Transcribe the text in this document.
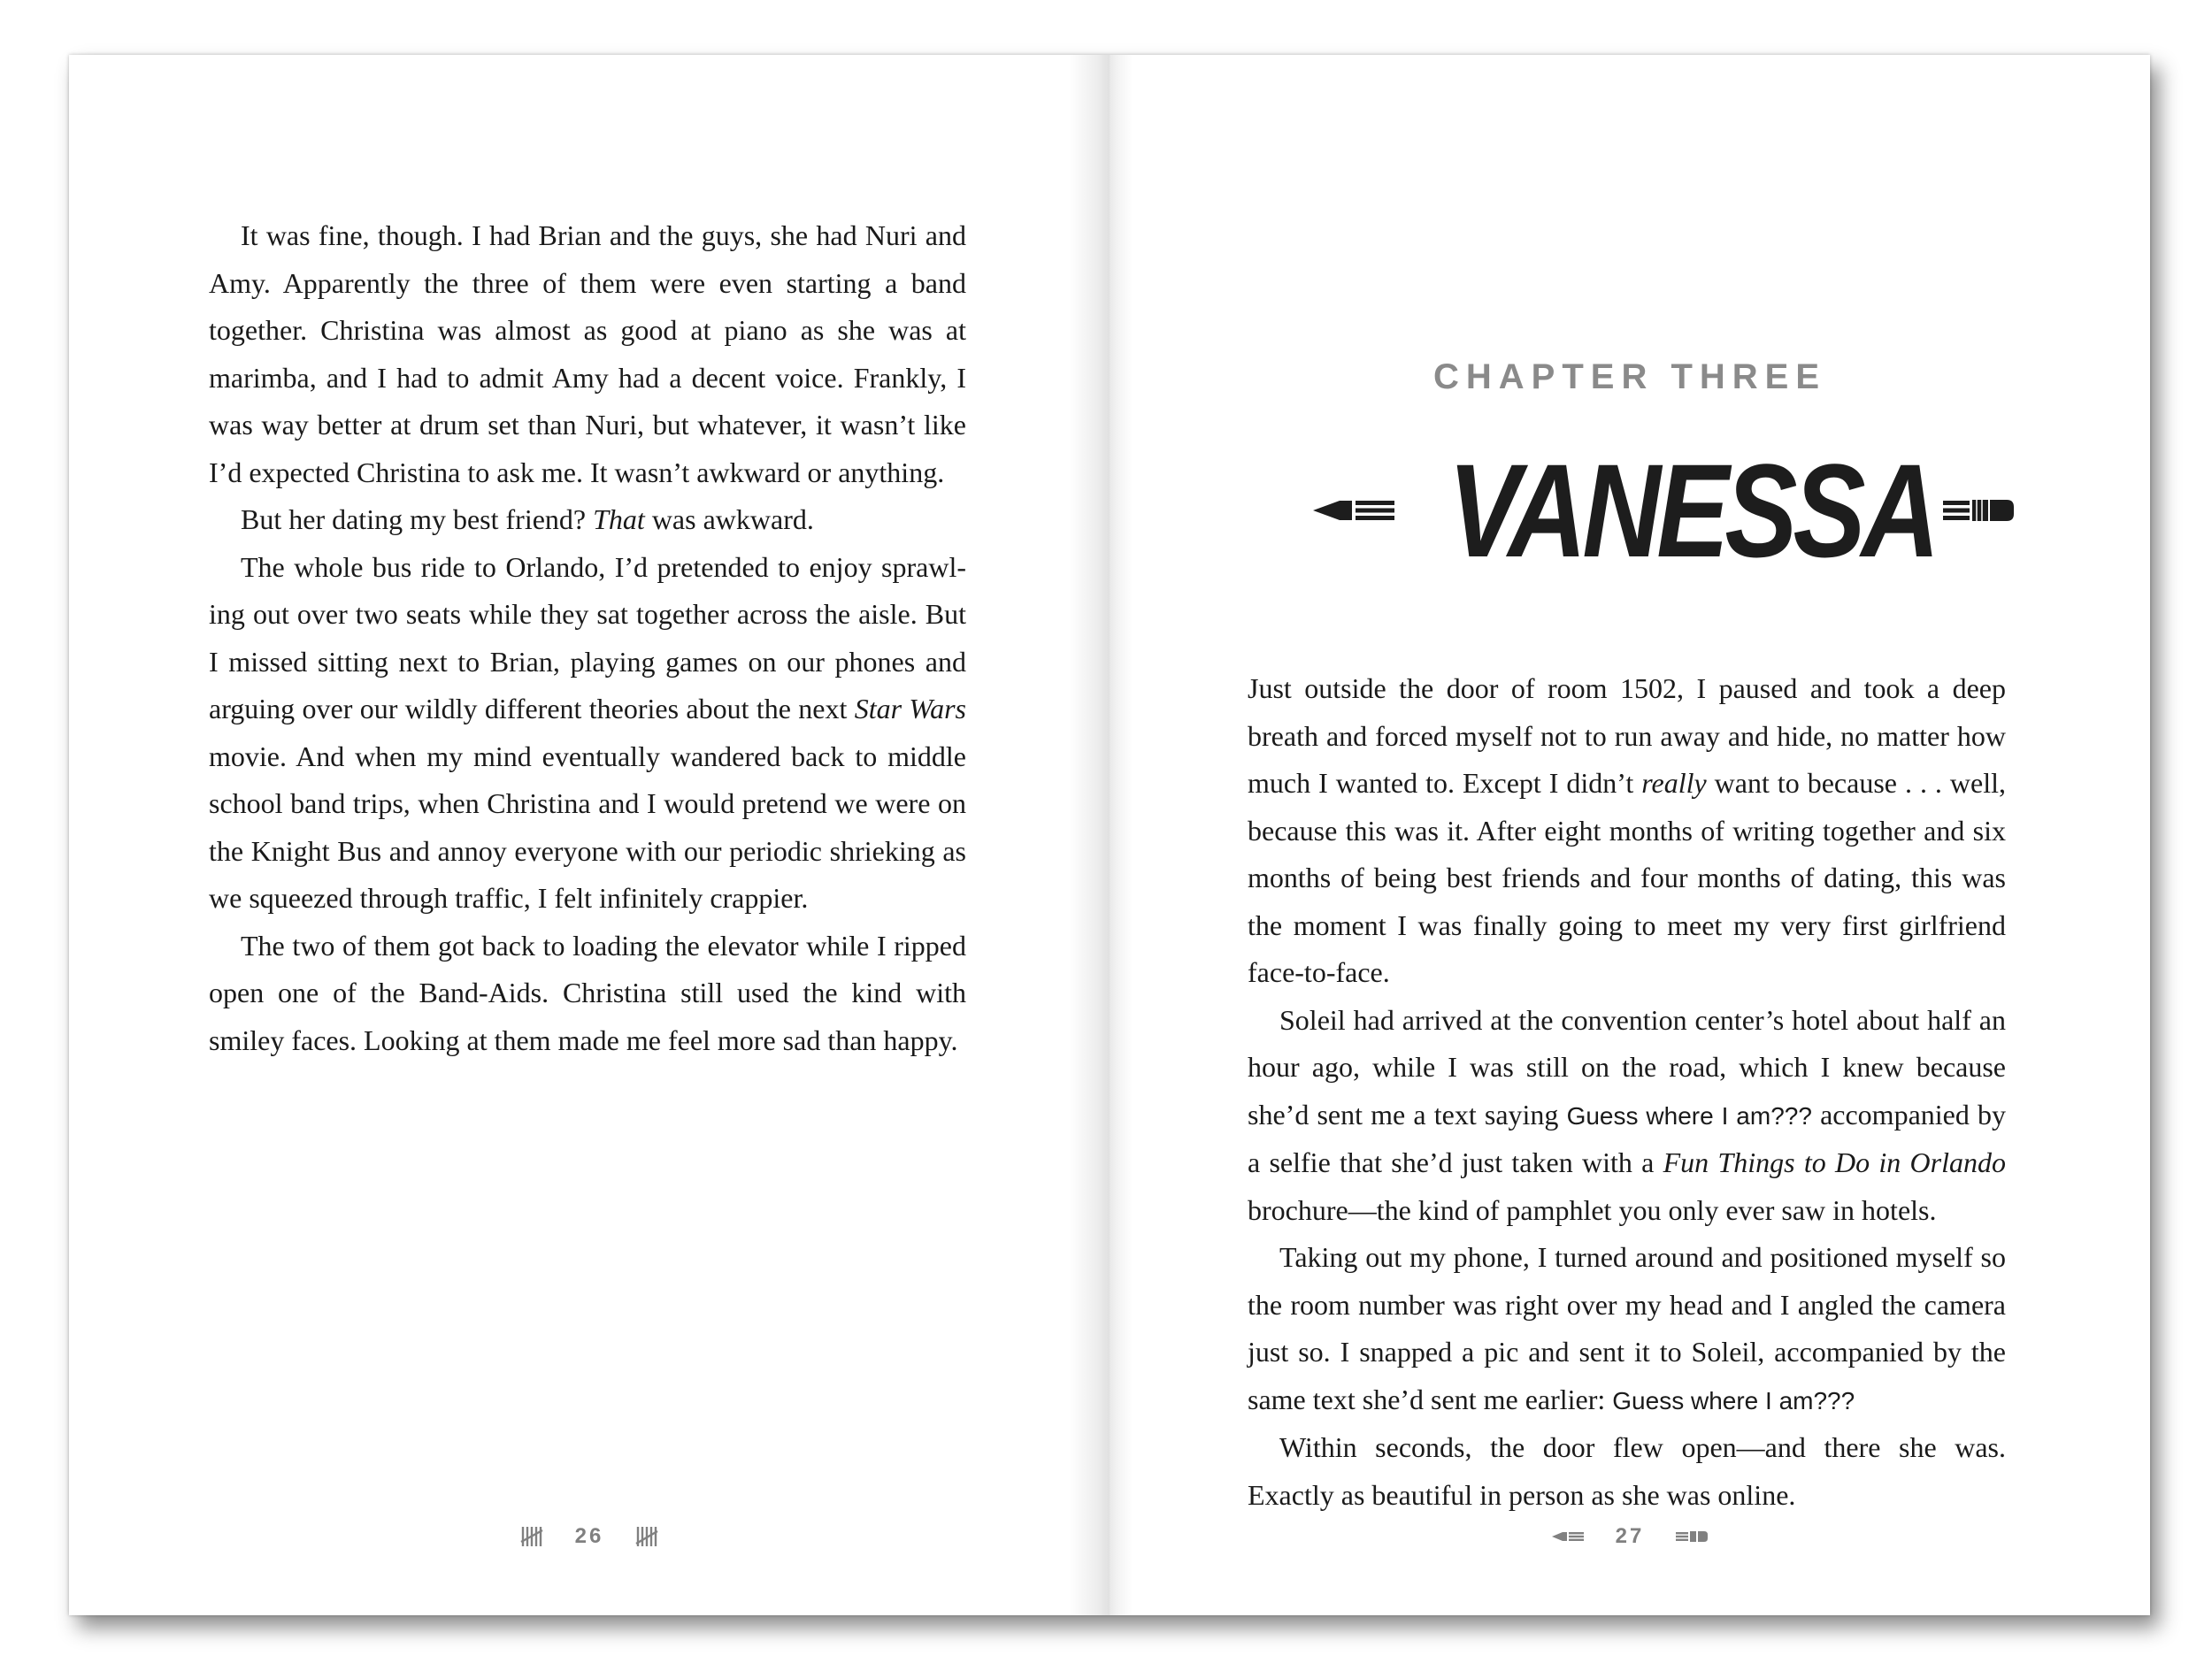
It was fine, though. I had Brian and the guys, she had Nuri and Amy. Apparently the three of them were even starting a band together. Christina was almost as good at piano as she was at marimba, and I had to admit Amy had a decent voice. Frankly, I was way better at drum set than Nuri, but whatever, it wasn’t like I’d expected Christina to ask me. It wasn’t awkward or anything.

But her dating my best friend? That was awkward.

The whole bus ride to Orlando, I’d pretended to enjoy sprawling out over two seats while they sat together across the aisle. But I missed sitting next to Brian, playing games on our phones and arguing over our wildly different theories about the next Star Wars movie. And when my mind eventually wandered back to middle school band trips, when Christina and I would pretend we were on the Knight Bus and annoy everyone with our periodic shrieking as we squeezed through traffic, I felt infinitely crappier.

The two of them got back to loading the elevator while I ripped open one of the Band-Aids. Christina still used the kind with smiley faces. Looking at them made me feel more sad than happy.

26
CHAPTER THREE
VANESSA

Just outside the door of room 1502, I paused and took a deep breath and forced myself not to run away and hide, no matter how much I wanted to. Except I didn’t really want to because . . . well, because this was it. After eight months of writing together and six months of being best friends and four months of dating, this was the moment I was finally going to meet my very first girlfriend face-to-face.

Soleil had arrived at the convention center’s hotel about half an hour ago, while I was still on the road, which I knew because she’d sent me a text saying Guess where I am??? accompanied by a selfie that she’d just taken with a Fun Things to Do in Orlando brochure—the kind of pamphlet you only ever saw in hotels.

Taking out my phone, I turned around and positioned myself so the room number was right over my head and I angled the camera just so. I snapped a pic and sent it to Soleil, accompanied by the same text she’d sent me earlier: Guess where I am???

Within seconds, the door flew open—and there she was. Exactly as beautiful in person as she was online.

27
